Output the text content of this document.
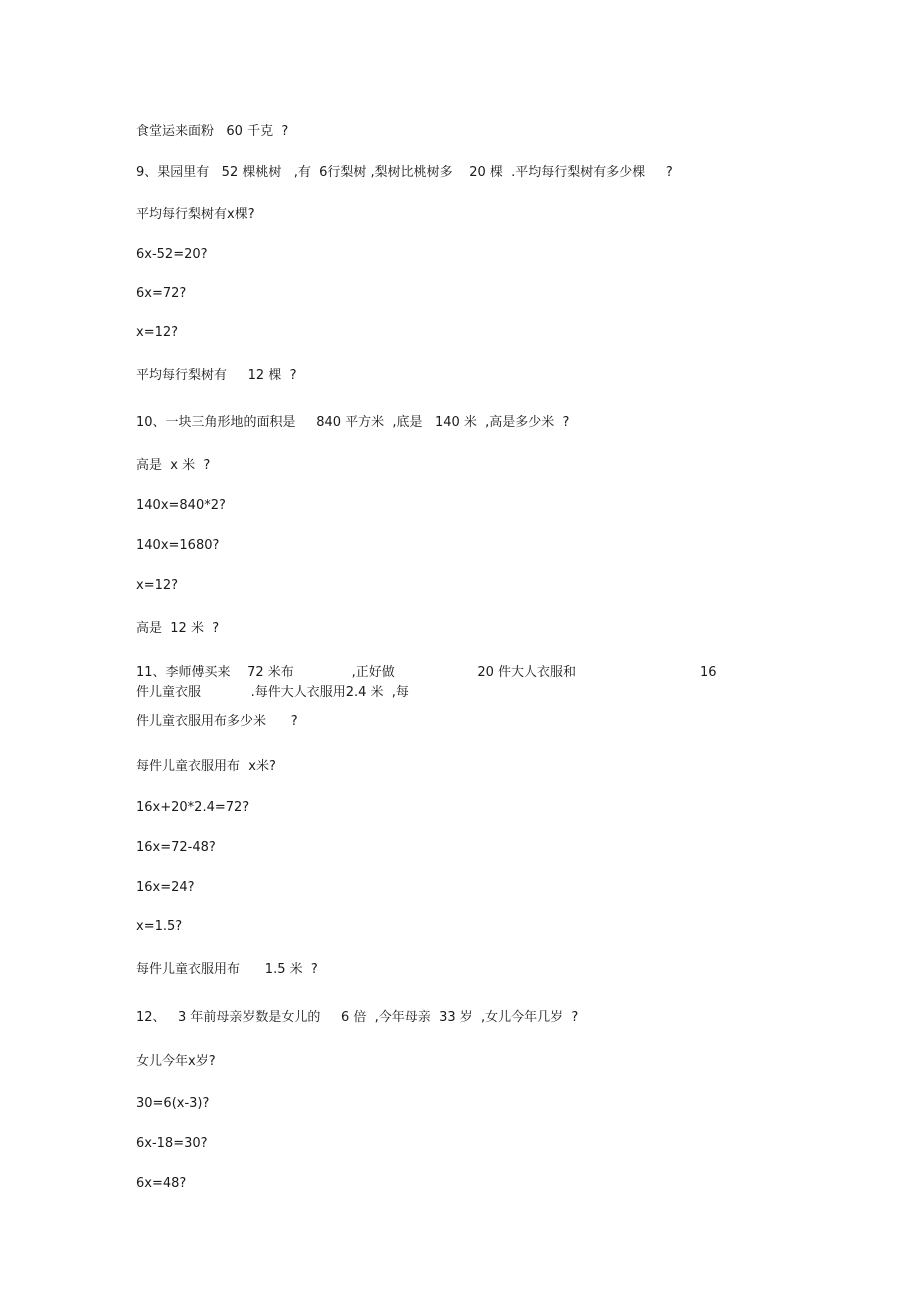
食堂运来面粉   60 千克  ?
9、果园里有   52 棵桃树   ,有  6行梨树 ,梨树比桃树多    20 棵  .平均每行梨树有多少棵     ?
平均每行梨树有x棵?
6x-52=20?
6x=72?
x=12?
平均每行梨树有     12 棵  ?
10、一块三角形地的面积是     840 平方米  ,底是   140 米  ,高是多少米  ?
高是  x 米  ?
140x=840*2?
140x=1680?
x=12?
高是  12 米  ?
11、李师傅买来    72 米布              ,正好做                    20 件大人衣服和                              16
件儿童衣服            .每件大人衣服用2.4 米  ,每
件儿童衣服用布多少米      ?
每件儿童衣服用布  x米?
16x+20*2.4=72?
16x=72-48?
16x=24?
x=1.5?
每件儿童衣服用布      1.5 米  ?
12、   3 年前母亲岁数是女儿的     6 倍  ,今年母亲  33 岁  ,女儿今年几岁  ?
女儿今年x岁?
30=6(x-3)?
6x-18=30?
6x=48?
